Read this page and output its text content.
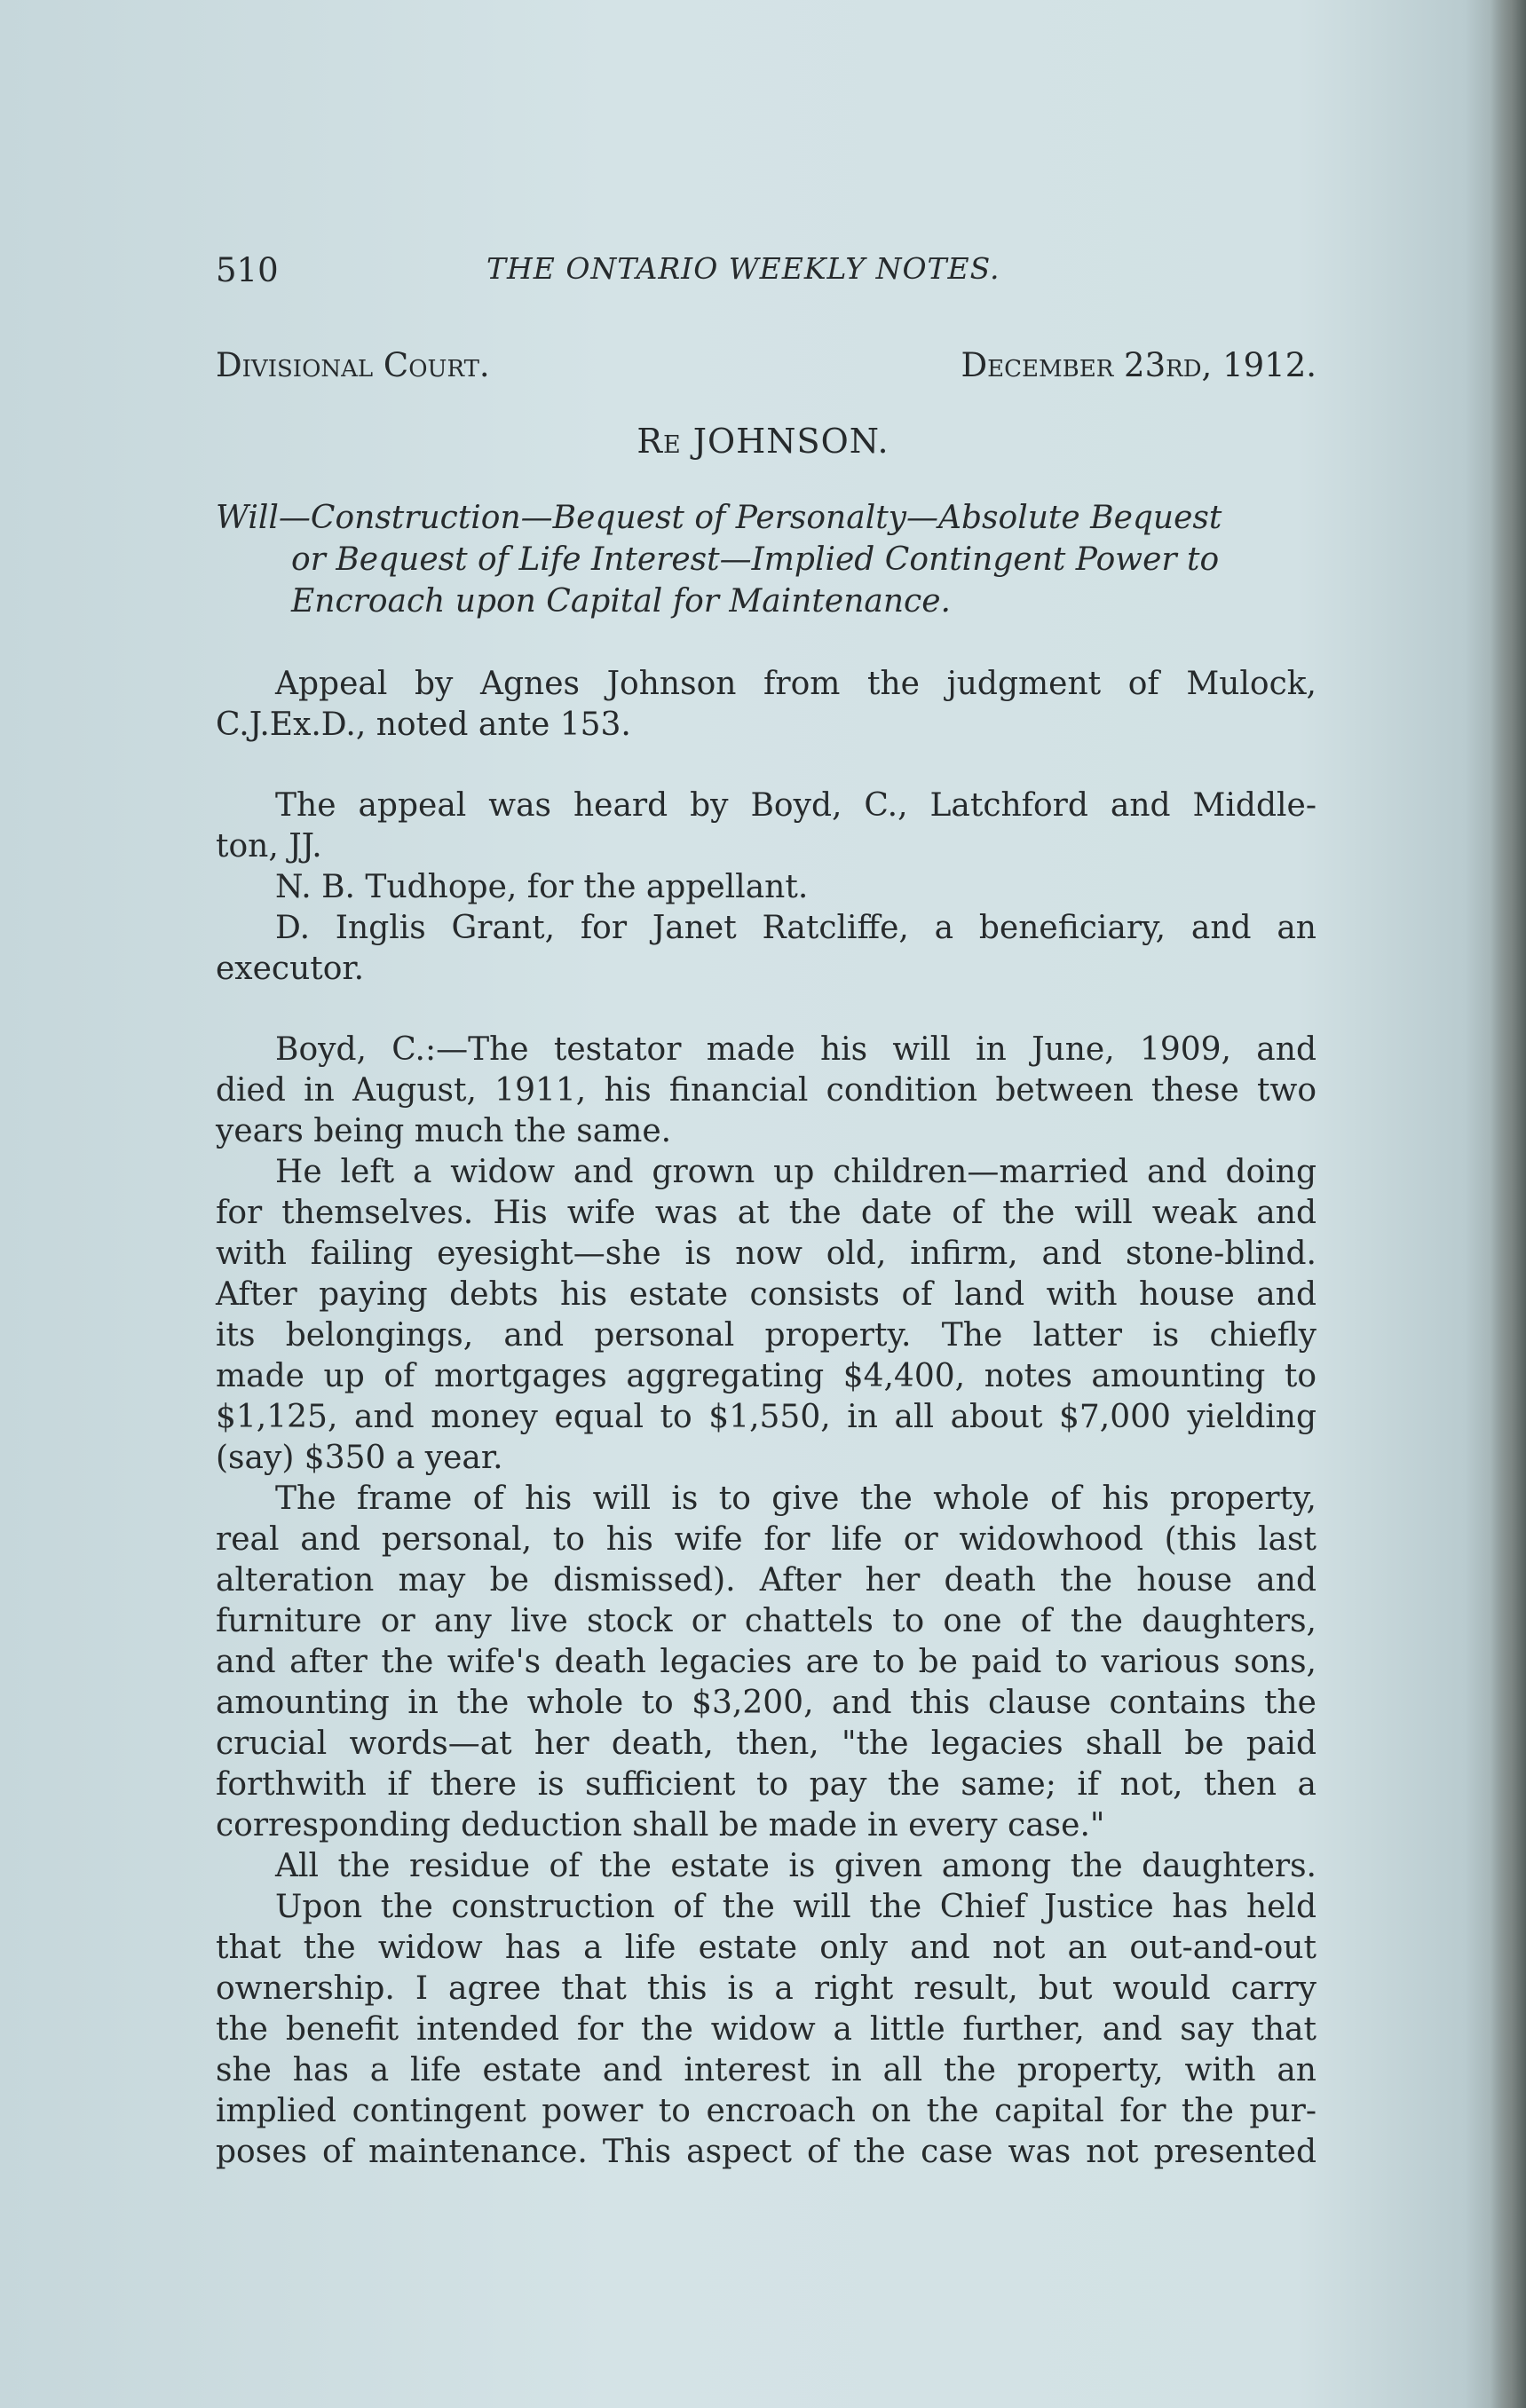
510	THE ONTARIO WEEKLY NOTES.
Divisional Court.	December 23rd, 1912.
Re JOHNSON.
Will—Construction—Bequest of Personalty—Absolute Bequest
or Bequest of Life Interest—Implied Contingent Power to
Encroach upon Capital for Maintenance.
Appeal by Agnes Johnson from the judgment of Mulock,
C.J.Ex.D., noted ante 153.
The appeal was heard by Boyd, C., Latchford and Middle-
ton, JJ.
N. B. Tudhope, for the appellant.
D. Inglis Grant, for Janet Ratcliffe, a beneficiary, and an
executor.
Boyd, C.:—The testator made his will in June, 1909, and
died in August, 1911, his financial condition between these two
years being much the same.
He left a widow and grown up children—married and doing
for themselves. His wife was at the date of the will weak and
with failing eyesight—she is now old, infirm, and stone-blind.
After paying debts his estate consists of land with house and
its belongings, and personal property. The latter is chiefly
made up of mortgages aggregating $4,400, notes amounting to
$1,125, and money equal to $1,550, in all about $7,000 yielding
(say) $350 a year.
The frame of his will is to give the whole of his property,
real and personal, to his wife for life or widowhood (this last
alteration may be dismissed). After her death the house and
furniture or any live stock or chattels to one of the daughters,
and after the wife's death legacies are to be paid to various sons,
amounting in the whole to $3,200, and this clause contains the
crucial words—at her death, then, "the legacies shall be paid
forthwith if there is sufficient to pay the same; if not, then a
corresponding deduction shall be made in every case."
All the residue of the estate is given among the daughters.
Upon the construction of the will the Chief Justice has held
that the widow has a life estate only and not an out-and-out
ownership. I agree that this is a right result, but would carry
the benefit intended for the widow a little further, and say that
she has a life estate and interest in all the property, with an
implied contingent power to encroach on the capital for the pur-
poses of maintenance. This aspect of the case was not presented
